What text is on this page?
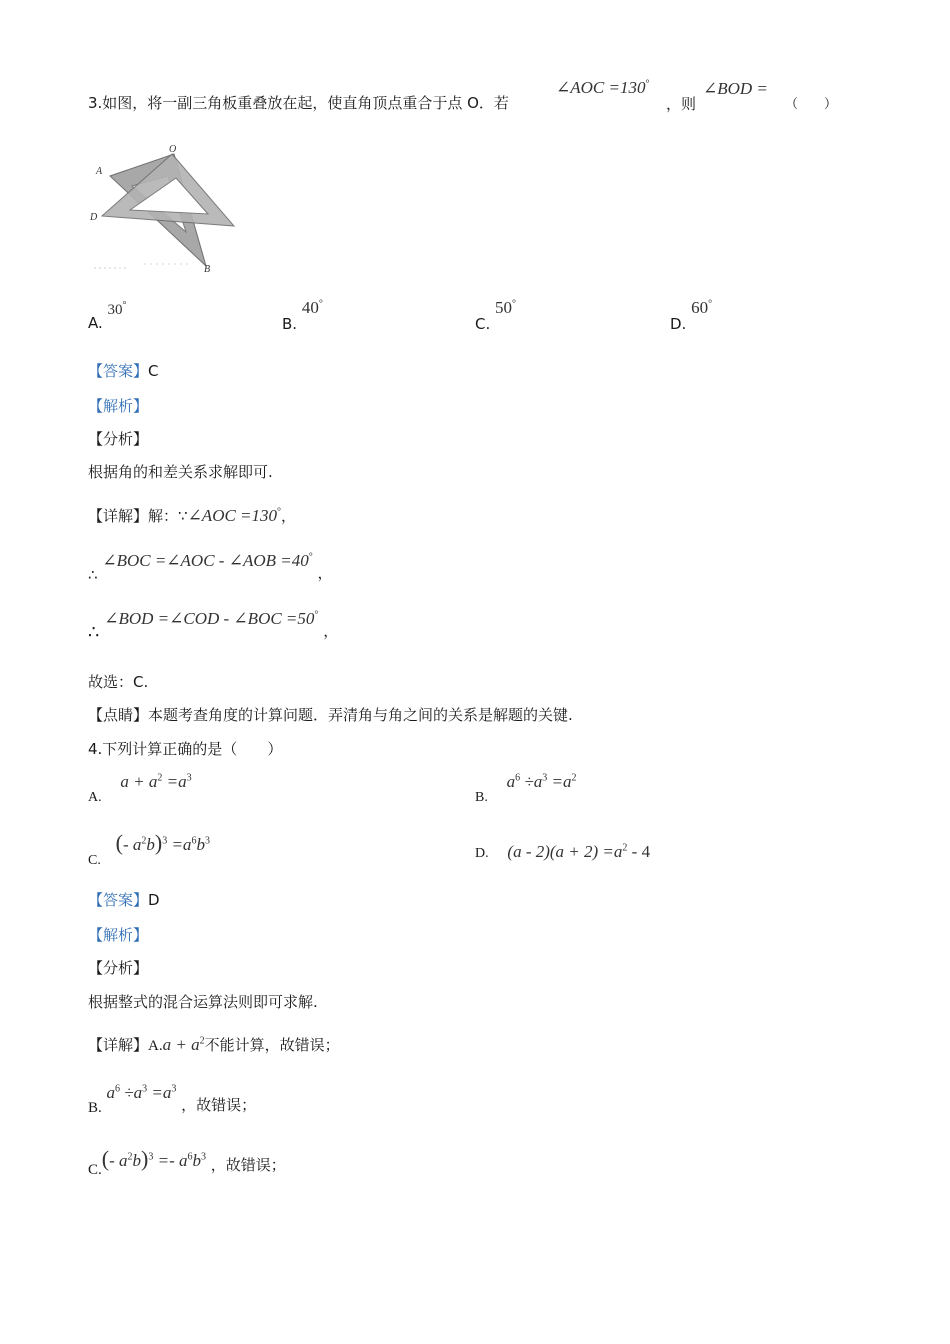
3.如图，将一副三角板重叠放在起，使直角顶点重合于点 O．若
∠AOC =130°
，则
∠BOD =
（　　）
O
A
D
B
A. 30°
B. 40°
C. 50°
D. 60°
【答案】C
【解析】
【分析】
根据角的和差关系求解即可.
【详解】解：∵∠AOC =130°，
∴ ∠BOC =∠AOC - ∠AOB =40° ，
∴ ∠BOD =∠COD - ∠BOC =50° ，
故选：C.
【点睛】本题考查角度的计算问题．弄清角与角之间的关系是解题的关键.
4.下列计算正确的是（　　）
A. $a + a^2 =a^3$
B. $a^6 \div a^3 =a^2$
C. (- $a^2b)^3 =a^6b^3$
D. $(a - 2)(a + 2) =a^2 - 4$
【答案】D
【解析】
【分析】
根据整式的混合运算法则即可求解.
【详解】$A.a + a^2$不能计算，故错误；
B. $a^6 \div a^3 =a^3$ ，故错误；
C.(- $a^2b)^3 =- a^6b^3$ ，故错误；
